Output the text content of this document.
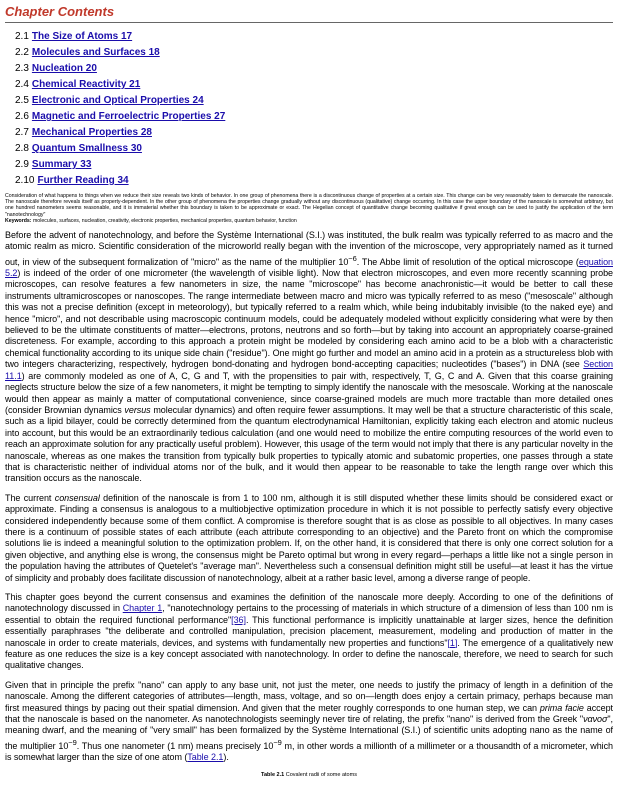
Chapter Contents
2.1 The Size of Atoms 17
2.2 Molecules and Surfaces 18
2.3 Nucleation 20
2.4 Chemical Reactivity 21
2.5 Electronic and Optical Properties 24
2.6 Magnetic and Ferroelectric Properties 27
2.7 Mechanical Properties 28
2.8 Quantum Smallness 30
2.9 Summary 33
2.10 Further Reading 34

Consideration of what happens to things when we reduce their size reveals two kinds of behavior. In one group of phenomena there is a discontinuous change of properties at a certain size. This change can be very reasonably taken to demarcate the nanoscale. The nanoscale therefore reveals itself as property-dependent. In the other group of phenomena the properties change gradually without any discontinuous (qualitative) change occurring. In this case the upper boundary of the nanoscale is somewhat arbitrary, but one hundred nanometers seems reasonable, and it is immaterial whether this boundary is taken to be approximate or exact. The Hegelian concept of quantitative change becoming qualitative if great enough can be used to justify the application of the term "nanotechnology"

Keywords: molecules, surfaces, nucleation, creativity, electronic properties, mechanical properties, quantum behavior, function

Before the advent of nanotechnology, and before the Système International (S.I.) was instituted, the bulk realm was typically referred to as macro and the atomic realm as micro. Scientific consideration of the microworld really began with the invention of the microscope, very appropriately named as it turned out, in view of the subsequent formalization of "micro" as the name of the multiplier $10^{-6}$. The Abbe limit of resolution of the optical microscope (equation 5.2) is indeed of the order of one micrometer (the wavelength of visible light). Now that electron microscopes, and even more recently scanning probe microscopes, can resolve features a few nanometers in size, the name "microscope" has become anachronistic—it would be better to call these instruments ultramicroscopes or nanoscopes. The range intermediate between macro and micro was typically referred to as meso ("mesoscale" although this was not a precise definition (except in meteorology), but typically referred to a realm which, while being indubitably invisible (to the naked eye) and hence "micro", and not describable using macroscopic continuum models, could be adequately modeled without explicitly considering what were by then believed to be the ultimate constituents of matter—electrons, protons, neutrons and so forth—but by taking into account an appropriately coarse-grained discreteness. For example, according to this approach a protein might be modeled by considering each amino acid to be a blob with a characteristic chemical functionality according to its unique side chain ("residue"). One might go further and model an amino acid in a protein as a structureless blob with two integers characterizing, respectively, hydrogen bond-donating and hydrogen bond-accepting capacities; nucleotides ("bases") in DNA (see Section 11.1) are commonly modeled as one of A, C, G and T, with the propensities to pair with, respectively, T, G, C and A. Given that this coarse graining neglects structure below the size of a few nanometers, it might be tempting to simply identify the nanoscale with the mesoscale. Working at the nanoscale would then appear as mainly a matter of computational convenience, since coarse-grained models are much more tractable than more detailed ones (consider Brownian dynamics versus molecular dynamics) and often require fewer assumptions. It may well be that a structure characteristic of this scale, such as a lipid bilayer, could be correctly determined from the quantum electrodynamical Hamiltonian, explicitly taking each electron and atomic nucleus into account, but this would be an extraordinarily tedious calculation (and one would need to mobilize the entire computing resources of the world even to reach an approximate solution for any practically useful problem). However, this usage of the term would not imply that there is any particular novelty in the nanoscale, whereas as one makes the transition from typically bulk properties to typically atomic and subatomic properties, one passes through a state that is characteristic neither of individual atoms nor of the bulk, and it would then appear to be reasonable to take the length range over which this transition occurs as the nanoscale.

The current consensual definition of the nanoscale is from 1 to 100 nm, although it is still disputed whether these limits should be considered exact or approximate. Finding a consensus is analogous to a multiobjective optimization procedure in which it is not possible to perfectly satisfy every objective considered independently because some of them conflict. A compromise is therefore sought that is as close as possible to all objectives. In many cases there is a continuum of possible states of each attribute (each attribute corresponding to an objective) and the Pareto front on which the compromise solutions lie is indeed a meaningful solution to the optimization problem. If, on the other hand, it is considered that there is only one correct solution for a given objective, and anything else is wrong, the consensus might be Pareto optimal but wrong in every regard—perhaps a little like not a single person in the population having the attributes of Quetelet's "average man". Nevertheless such a consensual definition might still be useful—at least it has the virtue of simplicity and probably does facilitate discussion of nanotechnology, albeit at a rather basic level, among a diverse range of people.

This chapter goes beyond the current consensus and examines the definition of the nanoscale more deeply. According to one of the definitions of nanotechnology discussed in Chapter 1, "nanotechnology pertains to the processing of materials in which structure of a dimension of less than 100 nm is essential to obtain the required functional performance"[36]. This functional performance is implicitly unattainable at larger sizes, hence the definition essentially paraphrases "the deliberate and controlled manipulation, precision placement, measurement, modeling and production of matter in the nanoscale in order to create materials, devices, and systems with fundamentally new properties and functions"[1]. The emergence of a qualitatively new feature as one reduces the size is a key concept associated with nanotechnology. In order to define the nanoscale, therefore, we need to search for such qualitative changes.

Given that in principle the prefix "nano" can apply to any base unit, not just the meter, one needs to justify the primacy of length in a definition of the nanoscale. Among the different categories of attributes—length, mass, voltage, and so on—length does enjoy a certain primacy, perhaps because man first measured things by pacing out their spatial dimension. And given that the meter roughly corresponds to one human step, we can prima facie accept that the nanoscale is based on the nanometer. As nanotechnologists seemingly never tire of relating, the prefix "nano" is derived from the Greek "νανοσ", meaning dwarf, and the meaning of "very small" has been formalized by the Système International (S.I.) of scientific units adopting nano as the name of the multiplier $10^{-9}$. Thus one nanometer (1 nm) means precisely $10^{-9}$ m, in other words a millionth of a millimeter or a thousandth of a micrometer, which is somewhat larger than the size of one atom (Table 2.1).

Table 2.1 Covalent radii of some atoms
